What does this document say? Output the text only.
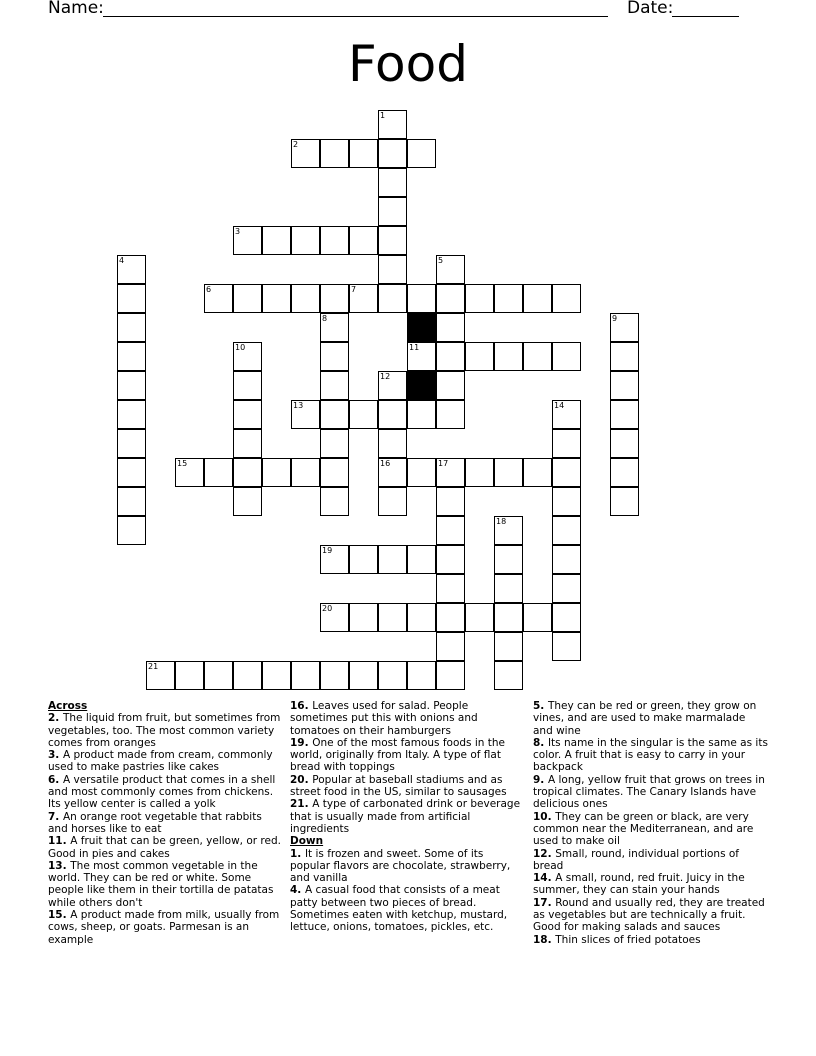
Name:	Date:
Food
1
2
3
4	5
6	7
8	9
10	11
12
16
13	14
15	17
18
19
20
21
Across
2. The liquid from fruit, but sometimes from vegetables, too. The most common variety comes from oranges
3. A product made from cream, commonly used to make pastries like cakes
6. A versatile product that comes in a shell and most commonly comes from chickens. Its yellow center is called a yolk
7. An orange root vegetable that rabbits and horses like to eat
11. A fruit that can be green, yellow, or red. Good in pies and cakes
13. The most common vegetable in the world. They can be red or white. Some people like them in their tortilla de patatas while others don't
15. A product made from milk, usually from cows, sheep, or goats. Parmesan is an example
16. Leaves used for salad. People sometimes put this with onions and tomatoes on their hamburgers
19. One of the most famous foods in the world, originally from Italy. A type of flat bread with toppings
20. Popular at baseball stadiums and as street food in the US, similar to sausages
21. A type of carbonated drink or beverage that is usually made from artificial ingredients
Down
1. It is frozen and sweet. Some of its popular flavors are chocolate, strawberry, and vanilla
4. A casual food that consists of a meat patty between two pieces of bread. Sometimes eaten with ketchup, mustard, lettuce, onions, tomatoes, pickles, etc.
5. They can be red or green, they grow on vines, and are used to make marmalade and wine
8. Its name in the singular is the same as its color. A fruit that is easy to carry in your backpack
9. A long, yellow fruit that grows on trees in tropical climates. The Canary Islands have delicious ones
10. They can be green or black, are very common near the Mediterranean, and are used to make oil
12. Small, round, individual portions of bread
14. A small, round, red fruit. Juicy in the summer, they can stain your hands
17. Round and usually red, they are treated as vegetables but are technically a fruit. Good for making salads and sauces
18. Thin slices of fried potatoes
